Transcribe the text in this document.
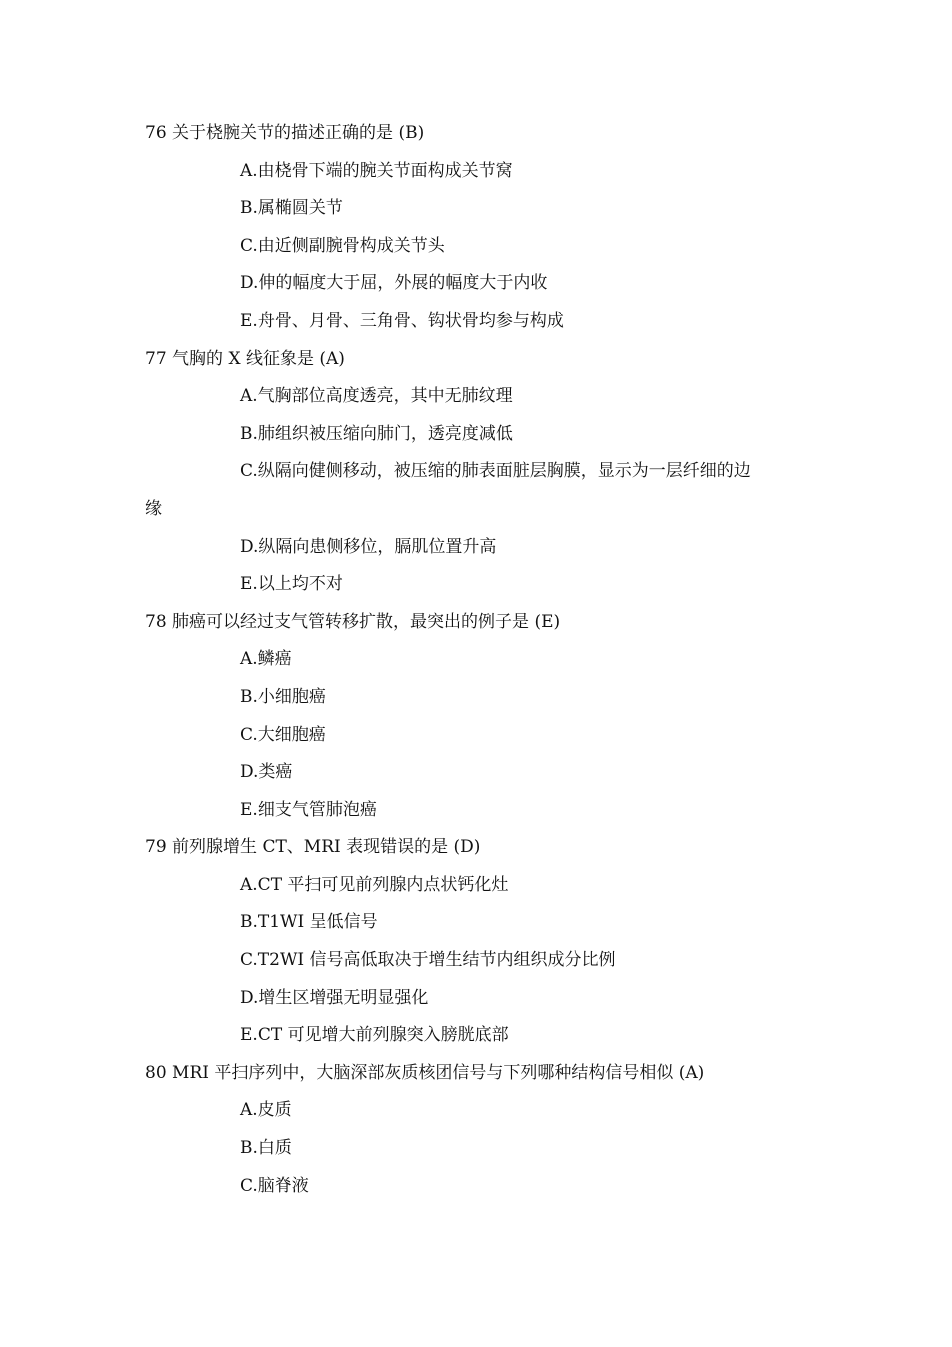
76 关于桡腕关节的描述正确的是 (B)
A.由桡骨下端的腕关节面构成关节窝
B.属椭圆关节
C.由近侧副腕骨构成关节头
D.伸的幅度大于屈，外展的幅度大于内收
E.舟骨、月骨、三角骨、钩状骨均参与构成
77 气胸的 X 线征象是 (A)
A.气胸部位高度透亮，其中无肺纹理
B.肺组织被压缩向肺门，透亮度减低
C.纵隔向健侧移动，被压缩的肺表面脏层胸膜，显示为一层纤细的边
缘
D.纵隔向患侧移位，膈肌位置升高
E.以上均不对
78 肺癌可以经过支气管转移扩散，最突出的例子是 (E)
A.鳞癌
B.小细胞癌
C.大细胞癌
D.类癌
E.细支气管肺泡癌
79 前列腺增生 CT、MRI 表现错误的是 (D)
A.CT 平扫可见前列腺内点状钙化灶
B.T1WI 呈低信号
C.T2WI 信号高低取决于增生结节内组织成分比例
D.增生区增强无明显强化
E.CT 可见增大前列腺突入膀胱底部
80 MRI 平扫序列中，大脑深部灰质核团信号与下列哪种结构信号相似 (A)
A.皮质
B.白质
C.脑脊液
